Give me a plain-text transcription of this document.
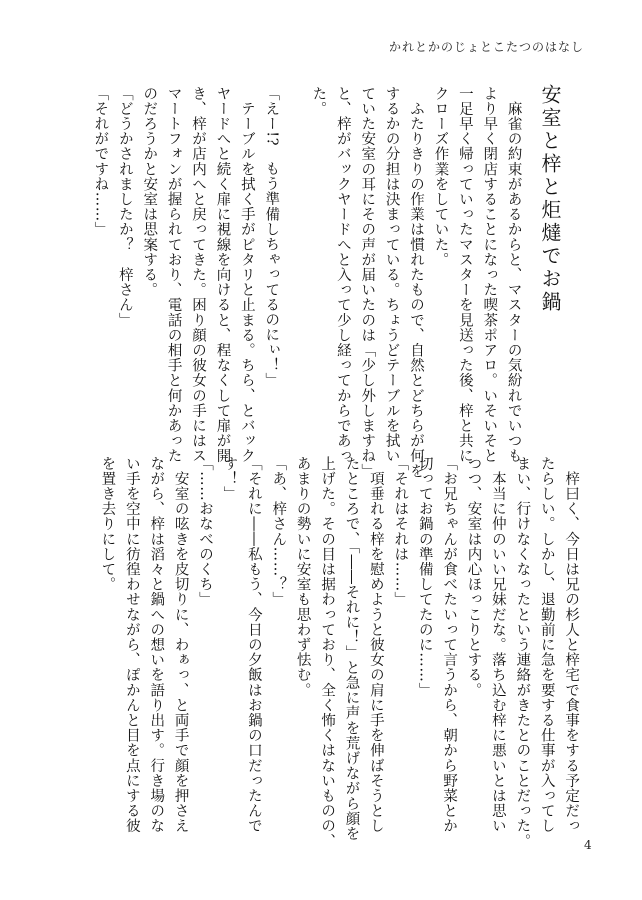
かれとかのじょとこたつのはなし
安室と梓と炬燵でお鍋

　麻雀の約束があるからと、マスターの気紛れでいつも

より早く閉店することになった喫茶ポアロ。いそいそと

一足早く帰っていったマスターを見送った後、梓と共に

クローズ作業をしていた。

　ふたりきりの作業は慣れたもので、自然とどちらが何を

するかの分担は決まっている。ちょうどテーブルを拭い

ていた安室の耳にその声が届いたのは「少し外しますね」

と、梓がバックヤードへと入って少し経ってからであっ

た。

「えー!?　もう準備しちゃってるのにぃ！」

　テーブルを拭く手がピタリと止まる。ちら、とバック

ヤードへと続く扉に視線を向けると、程なくして扉が開

き、梓が店内へと戻ってきた。困り顔の彼女の手にはス

マートフォンが握られており、電話の相手と何かあった

のだろうかと安室は思案する。

「どうかされましたか？　梓さん」

「それがですね……」

　梓曰く、今日は兄の杉人と梓宅で食事をする予定だっ

たらしい。しかし、退勤前に急を要する仕事が入ってし

まい、行けなくなったという連絡がきたとのことだった。

　本当に仲のいい兄妹だな。落ち込む梓に悪いとは思い

つつ、安室は内心ほっこりとする。

「お兄ちゃんが食べたいって言うから、朝から野菜とか

切ってお鍋の準備してたのに……」

「それはそれは……」

　項垂れる梓を慰めようと彼女の肩に手を伸ばそうとし

たところで、「――それに！」と急に声を荒げながら顔を

上げた。その目は据わっており、全く怖くはないものの、

あまりの勢いに安室も思わず怯む。

「あ、梓さん……？」

「それに――私もう、今日の夕飯はお鍋の口だったんで

す！」

「……おなべのくち」

　安室の呟きを皮切りに、わぁっ、と両手で顔を押さえ

ながら、梓は滔々と鍋への想いを語り出す。行き場のな

い手を空中に彷徨わせながら、ぽかんと目を点にする彼

を置き去りにして。

4
